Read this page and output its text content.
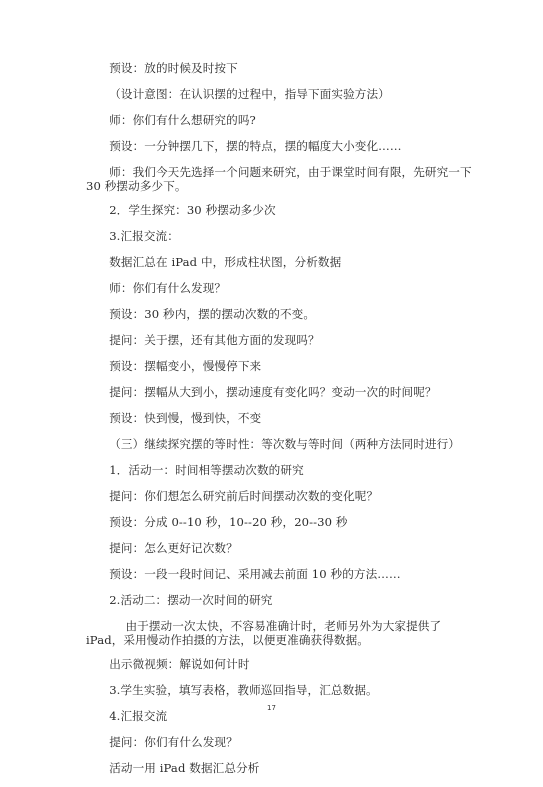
预设：放的时候及时按下

（设计意图：在认识摆的过程中，指导下面实验方法）

师：你们有什么想研究的吗?

预设：一分钟摆几下，摆的特点，摆的幅度大小变化……

师：我们今天先选择一个问题来研究，由于课堂时间有限，先研究一下 30 秒摆动多少下。

2．学生探究：30 秒摆动多少次

3.汇报交流：

数据汇总在 iPad 中，形成柱状图，分析数据

师：你们有什么发现？

预设：30 秒内，摆的摆动次数的不变。

提问：关于摆，还有其他方面的发现吗？

预设：摆幅变小，慢慢停下来

提问：摆幅从大到小，摆动速度有变化吗？变动一次的时间呢？

预设：快到慢，慢到快，不变

（三）继续探究摆的等时性：等次数与等时间（两种方法同时进行）

1．活动一：时间相等摆动次数的研究

提问：你们想怎么研究前后时间摆动次数的变化呢？

预设：分成 0--10 秒，10--20 秒，20--30 秒

提问：怎么更好记次数？

预设：一段一段时间记、采用减去前面 10 秒的方法……

2.活动二：摆动一次时间的研究

由于摆动一次太快，不容易准确计时，老师另外为大家提供了 iPad，采用慢动作拍摄的方法，以便更准确获得数据。

出示微视频：解说如何计时

3.学生实验，填写表格，教师巡回指导，汇总数据。

4.汇报交流

提问：你们有什么发现？

活动一用 iPad 数据汇总分析

17
